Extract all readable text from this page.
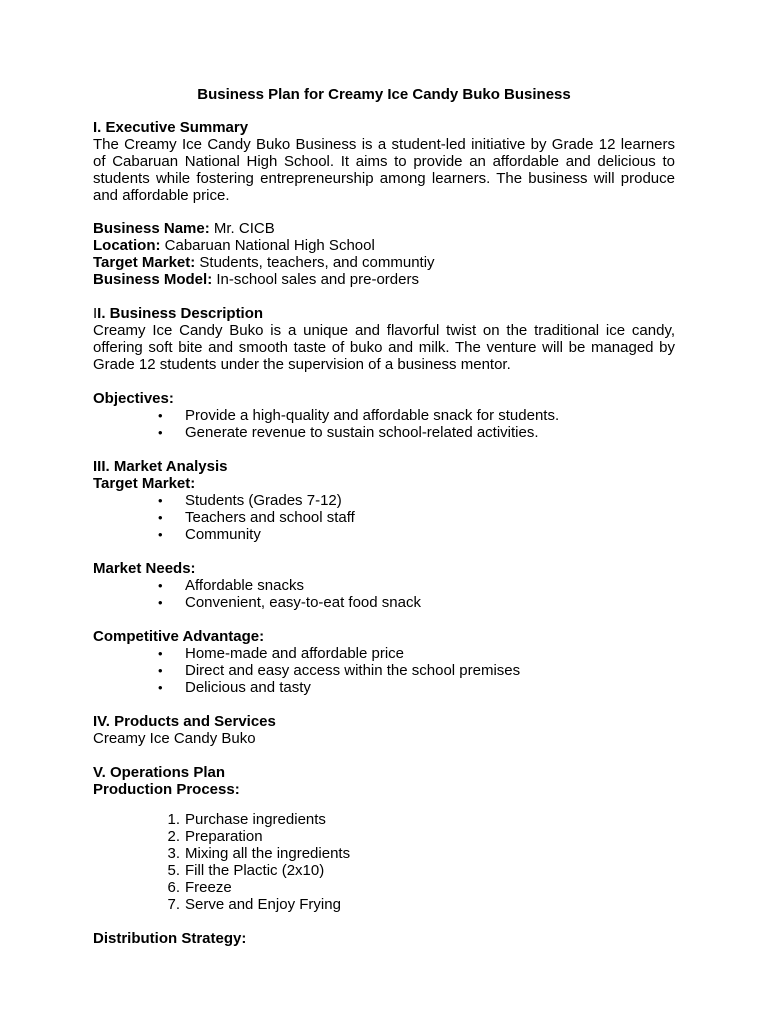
Business Plan for Creamy Ice Candy Buko Business

I. Executive Summary

The Creamy Ice Candy Buko Business is a student-led initiative by Grade 12 learners of Cabaruan National High School. It aims to provide an affordable and delicious to students while fostering entrepreneurship among learners. The business will produce and affordable price.

Business Name: Mr. CICB

Location: Cabaruan National High School

Target Market: Students, teachers, and communtiy

Business Model: In-school sales and pre-orders

II. Business Description

Creamy Ice Candy Buko is a unique and flavorful twist on the traditional ice candy, offering soft bite and smooth taste of buko and milk. The venture will be managed by Grade 12 students under the supervision of a business mentor.

Objectives:

• Provide a high-quality and affordable snack for students.
• Generate revenue to sustain school-related activities.

III. Market Analysis

Target Market:

• Students (Grades 7-12)
• Teachers and school staff
• Community

Market Needs:

• Affordable snacks
• Convenient, easy-to-eat food snack

Competitive Advantage:

• Home-made and affordable price
• Direct and easy access within the school premises
• Delicious and tasty

IV. Products and Services

Creamy Ice Candy Buko

V. Operations Plan

Production Process:

1. Purchase ingredients
2. Preparation
3. Mixing all the ingredients
5. Fill the Plactic (2x10)
6. Freeze
7. Serve and Enjoy Frying

Distribution Strategy:
